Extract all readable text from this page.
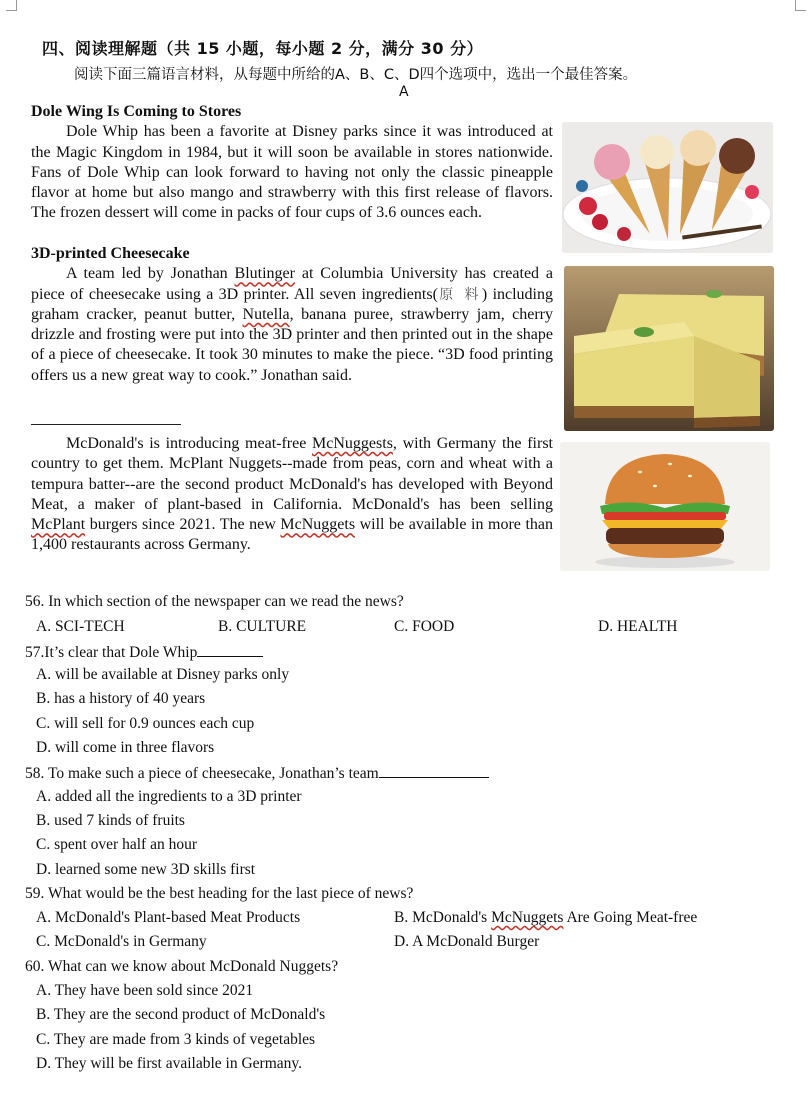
四、阅读理解题（共 15 小题，每小题 2 分，满分 30 分）
阅读下面三篇语言材料，从每题中所给的A、B、C、D四个选项中，选出一个最佳答案。
A
Dole Wing Is Coming to Stores

Dole Whip has been a favorite at Disney parks since it was introduced at the Magic Kingdom in 1984, but it will soon be available in stores nationwide. Fans of Dole Whip can look forward to having not only the classic pineapple flavor at home but also mango and strawberry with this first release of flavors. The frozen dessert will come in packs of four cups of 3.6 ounces each.

3D-printed Cheesecake

A team led by Jonathan Blutinger at Columbia University has created a piece of cheesecake using a 3D printer. All seven ingredients(原 料) including graham cracker, peanut butter, Nutella, banana puree, strawberry jam, cherry drizzle and frosting were put into the 3D printer and then printed out in the shape of a piece of cheesecake. It took 30 minutes to make the piece. “3D food printing offers us a new great way to cook.” Jonathan said.

McDonald's is introducing meat-free McNuggests, with Germany the first country to get them. McPlant Nuggets--made from peas, corn and wheat with a tempura batter--are the second product McDonald's has developed with Beyond Meat, a maker of plant-based in California. McDonald's has been selling McPlant burgers since 2021. The new McNuggets will be available in more than 1,400 restaurants across Germany.

56. In which section of the newspaper can we read the news?
A. SCI-TECH	B. CULTURE	C. FOOD	D. HEALTH
57.It’s clear that Dole Whip
A. will be available at Disney parks only
B. has a history of 40 years
C. will sell for 0.9 ounces each cup
D. will come in three flavors
58. To make such a piece of cheesecake, Jonathan’s team
A. added all the ingredients to a 3D printer
B. used 7 kinds of fruits
C. spent over half an hour
D. learned some new 3D skills first
59. What would be the best heading for the last piece of news?
A. McDonald's Plant-based Meat Products	B. McDonald's McNuggets Are Going Meat-free
C. McDonald's in Germany	D. A McDonald Burger
60. What can we know about McDonald Nuggets?
A. They have been sold since 2021
B. They are the second product of McDonald's
C. They are made from 3 kinds of vegetables
D. They will be first available in Germany.
